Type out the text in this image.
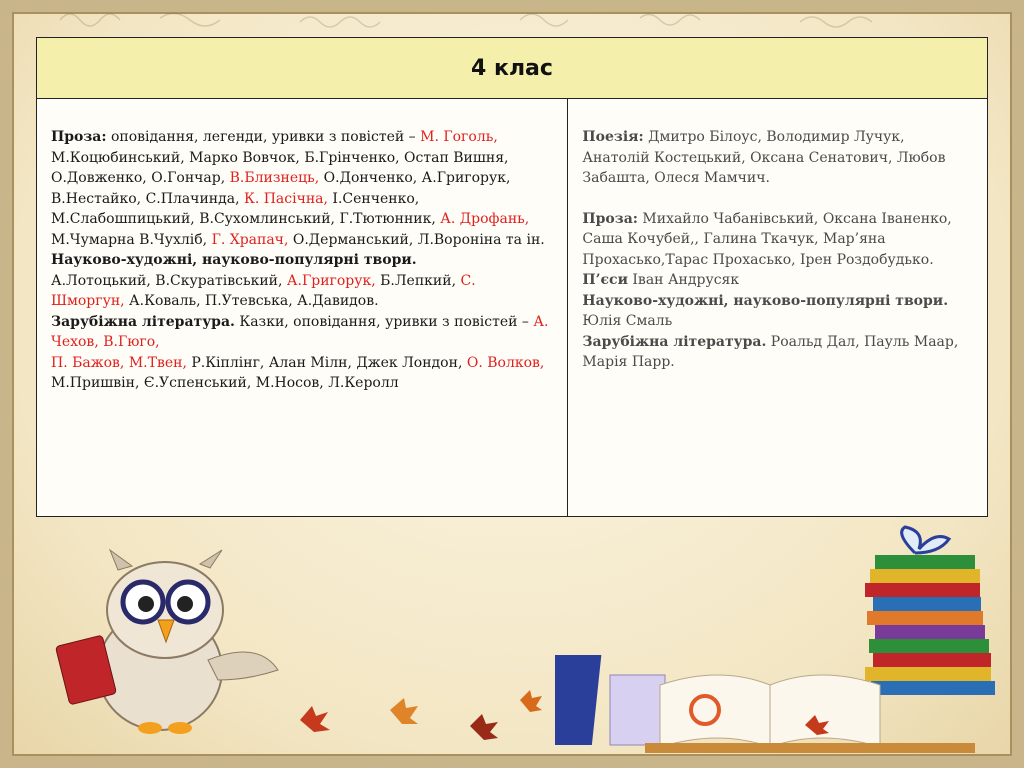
4 клас
Проза: оповідання, легенди, уривки з повістей – М. Гоголь, М.Коцюбинський, Марко Вовчок, Б.Грінченко, Остап Вишня, О.Довженко, О.Гончар, В.Близнець, О.Донченко, А.Григорук, В.Нестайко, С.Плачинда, К. Пасічна, І.Сенченко, М.Слабошпицький, В.Сухомлинський, Г.Тютюнник, А. Дрофань, М.Чумарна В.Чухліб, Г. Храпач, О.Дерманський, Л.Вороніна та ін.
Науково-художні, науково-популярні твори.
А.Лотоцький, В.Скуратівський, А.Григорук, Б.Лепкий, С. Шморгун, А.Коваль, П.Утевська, А.Давидов.
Зарубіжна література. Казки, оповідання, уривки з повістей – А. Чехов, В.Гюго,
П. Бажов, М.Твен, Р.Кіплінг, Алан Мілн, Джек Лондон, О. Волков, М.Пришвін, Є.Успенський, М.Носов, Л.Керолл	Поезія: Дмитро Білоус, Володимир Лучук, Анатолій Костецький, Оксана Сенатович, Любов Забашта, Олеся Мамчич.
Проза: Михайло Чабанівський, Оксана Іваненко, Саша Кочубей,, Галина Ткачук, Мар’яна Прохасько,Тарас Прохасько, Ірен Роздобудько.
П’єси Іван Андрусяк
Науково-художні, науково-популярні твори. Юлія Смаль
Зарубіжна література. Роальд Дал, Пауль Маар, Марія Парр.
